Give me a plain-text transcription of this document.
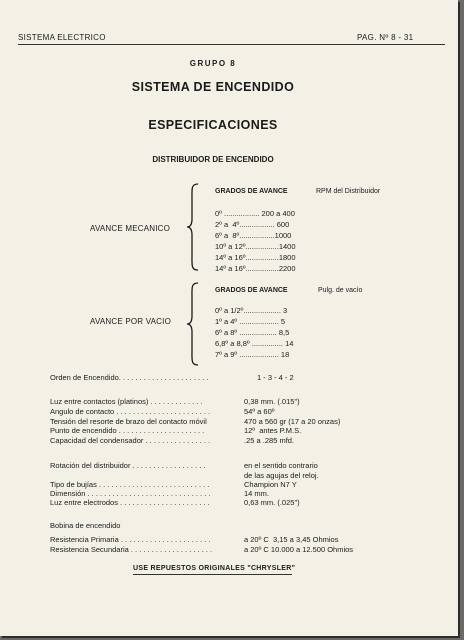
SISTEMA ELECTRICO	PAG. Nº 8 - 31
GRUPO 8
SISTEMA DE ENCENDIDO
ESPECIFICACIONES
DISTRIBUIDOR DE ENCENDIDO
AVANCE MECANICO
GRADOS DE AVANCE	RPM del Distribuidor
0º ................. 200 a 400
2º a  4º................. 600
6º a  8º.................1000
10º a 12º................1400
14º a 16º................1800
14º a 16º................2200
AVANCE POR VACIO
GRADOS DE AVANCE	Pulg. de vacío
0º a 1/2º.................. 3
1º a 4º ................... 5
6º a 8º .................. 8,5
6,8º a 8,8º ............... 14
7º a 9º ................... 18
Orden de Encendido. . . . . . . . . . . . . . . . . . . . . .	1 - 3 - 4 - 2
Luz entre contactos (platinos) . . . . . . . . . . . . .	0,38 mm. (.015")
Angulo de contacto . . . . . . . . . . . . . . . . . . . . . . .	54º a 60º
Tensión del resorte de brazo del contacto móvil	470 a 560 gr (17 a 20 onzas)
Punto de encendido . . . . . . . . . . . . . . . . . . . . .	12º  antes P.M.S.
Capacidad del condensador . . . . . . . . . . . . . . . .	.25 a .285 mfd.
Rotación del distribuidor . . . . . . . . . . . . . . . . . .	en el sentido contrario
de las agujas del reloj.
Tipo de bujías . . . . . . . . . . . . . . . . . . . . . . . . . . .	Champion N7 Y
Dimensión . . . . . . . . . . . . . . . . . . . . . . . . . . . . . .	14 mm.
Luz entre electrodos . . . . . . . . . . . . . . . . . . . . . .	0,63 mm. (.025")
Bobina de encendido
Resistencia Primaria . . . . . . . . . . . . . . . . . . . . . .	a 20º C  3,15 a 3,45 Ohmios
Resistencia Secundaria . . . . . . . . . . . . . . . . . . . .	a 20º C 10.000 a 12.500 Ohmios
USE REPUESTOS ORIGINALES "CHRYSLER"
